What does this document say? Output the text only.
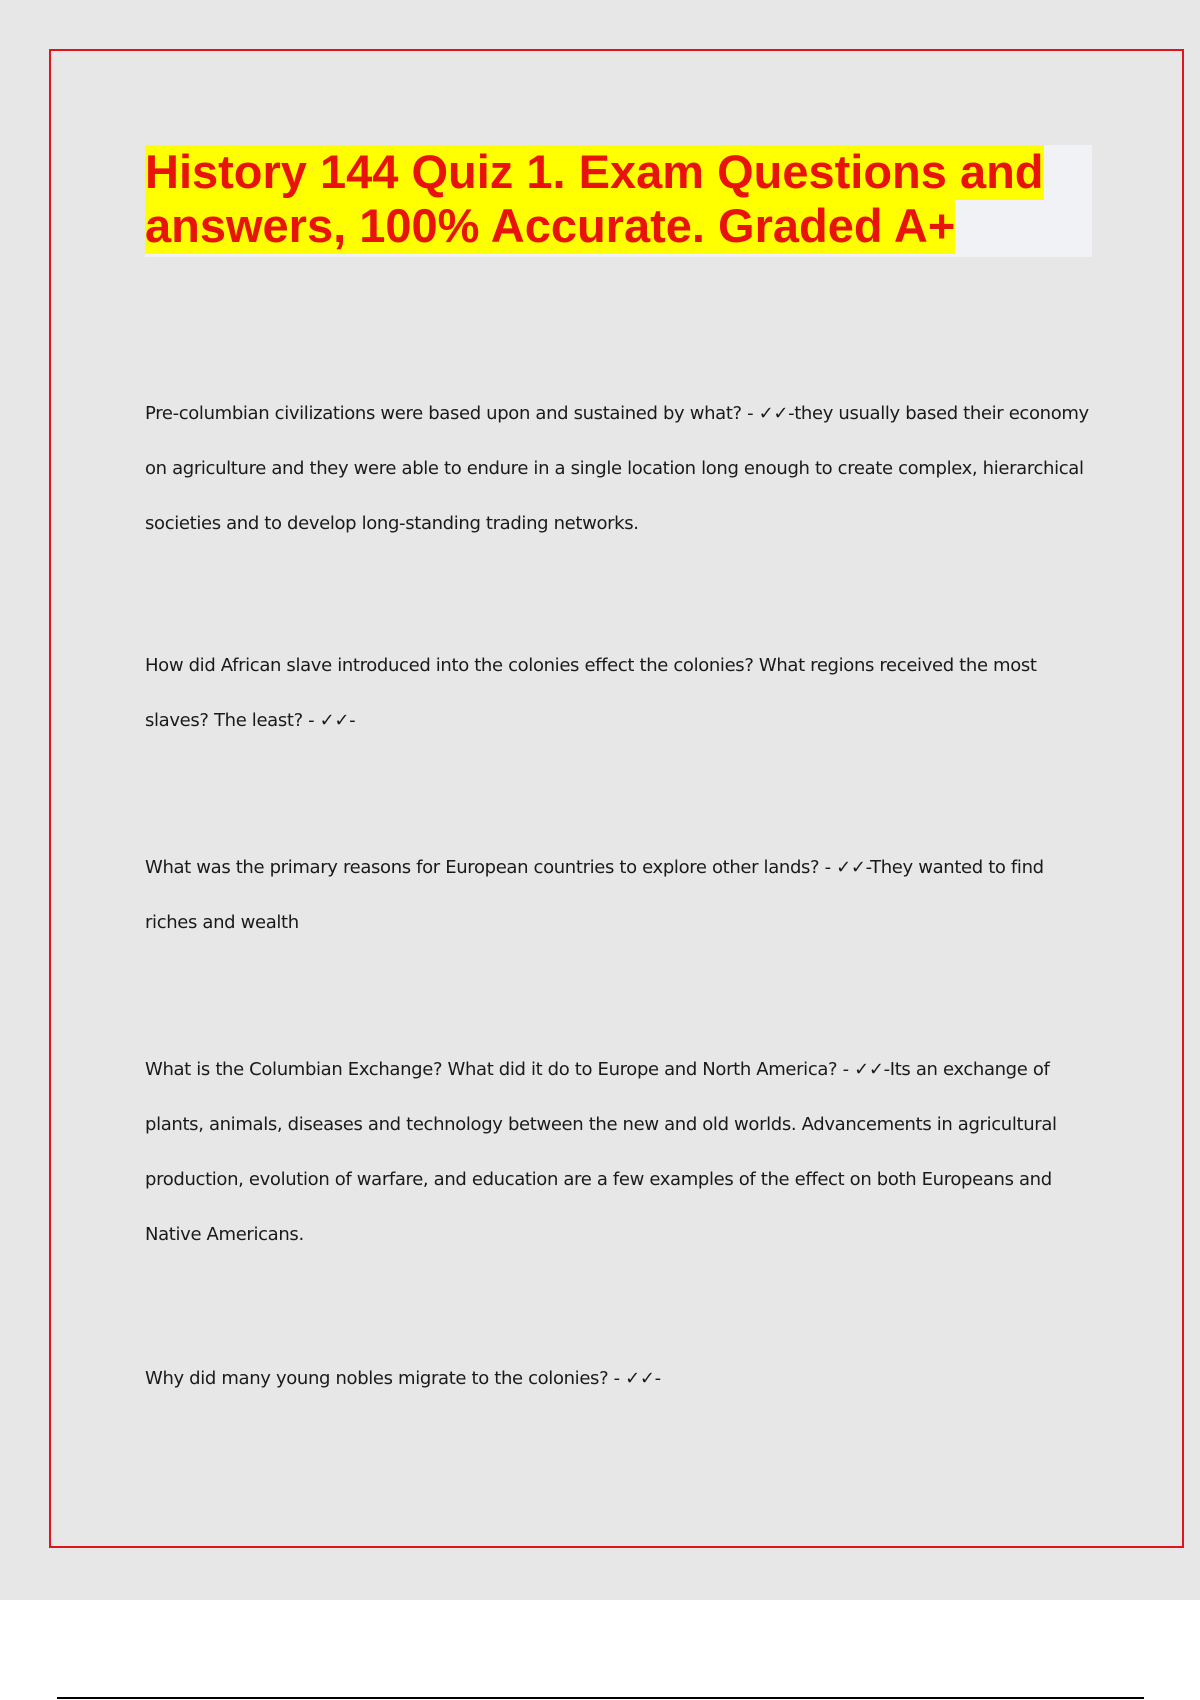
History 144 Quiz 1. Exam Questions and answers, 100% Accurate. Graded A+

Pre-columbian civilizations were based upon and sustained by what? - ✓✓-they usually based their economy on agriculture and they were able to endure in a single location long enough to create complex, hierarchical societies and to develop long-standing trading networks.

How did African slave introduced into the colonies effect the colonies? What regions received the most slaves? The least? - ✓✓-

What was the primary reasons for European countries to explore other lands? - ✓✓-They wanted to find riches and wealth

What is the Columbian Exchange? What did it do to Europe and North America? - ✓✓-Its an exchange of plants, animals, diseases and technology between the new and old worlds. Advancements in agricultural production, evolution of warfare, and education are a few examples of the effect on both Europeans and Native Americans.

Why did many young nobles migrate to the colonies? - ✓✓-
